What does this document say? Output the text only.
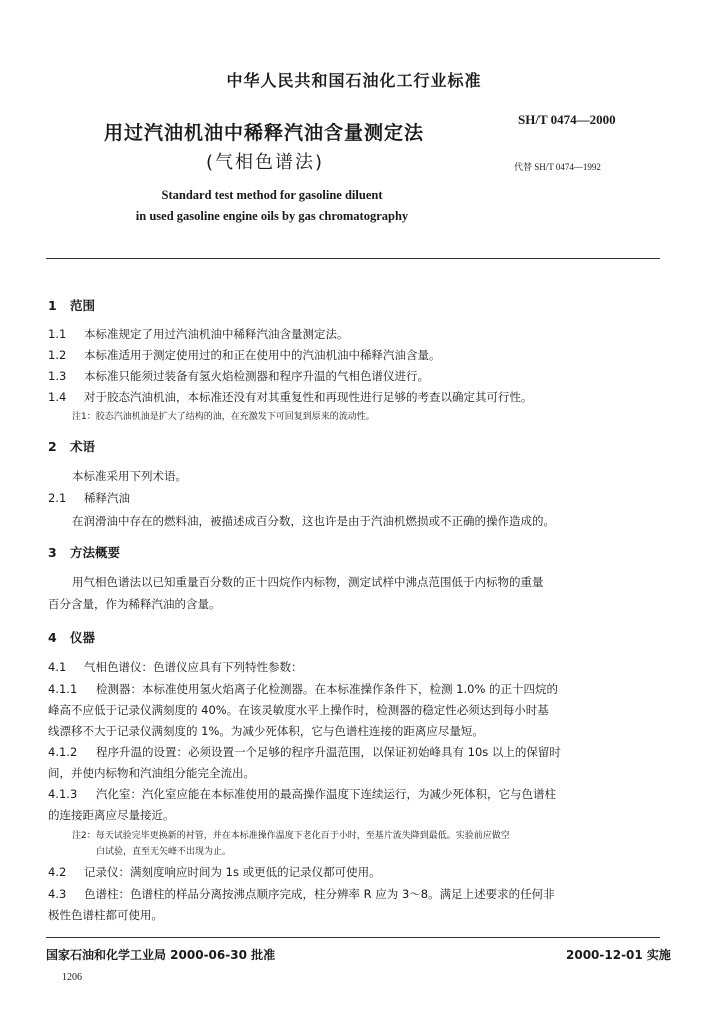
中华人民共和国石油化工行业标准
用过汽油机油中稀释汽油含量测定法
(气相色谱法)
SH/T 0474—2000
代替 SH/T 0474—1992
Standard test method for gasoline diluent
in used gasoline engine oils by gas chromatography
1 范围
1.1 本标准规定了用过汽油机油中稀释汽油含量测定法。
1.2 本标准适用于测定使用过的和正在使用中的汽油机油中稀释汽油含量。
1.3 本标准只能须过装备有氢火焰检测器和程序升温的气相色谱仪进行。
1.4 对于胶态汽油机油，本标准还没有对其重复性和再现性进行足够的考查以确定其可行性。
注1：胶态汽油机油是扩大了结构的油，在充激发下可回复到原来的流动性。
2 术语
本标准采用下列术语。
2.1 稀释汽油
在润滑油中存在的燃料油，被描述成百分数，这也许是由于汽油机燃损或不正确的操作造成的。
3 方法概要
用气相色谱法以已知重量百分数的正十四烷作内标物，测定试样中沸点范围低于内标物的重量
百分含量，作为稀释汽油的含量。
4 仪器
4.1 气相色谱仪：色谱仪应具有下列特性参数：
4.1.1 检测器：本标准使用氢火焰离子化检测器。在本标准操作条件下，检测 1.0% 的正十四烷的
峰高不应低于记录仪满刻度的 40%。在该灵敏度水平上操作时，检测器的稳定性必须达到每小时基
线漂移不大于记录仪满刻度的 1%。为减少死体积，它与色谱柱连接的距离应尽量短。
4.1.2 程序升温的设置：必须设置一个足够的程序升温范围，以保证初始峰具有 10s 以上的保留时
间，并使内标物和汽油组分能完全流出。
4.1.3 汽化室：汽化室应能在本标准使用的最高操作温度下连续运行，为减少死体积，它与色谱柱
的连接距离应尽量接近。
注2：每天试验完毕更换新的衬管，并在本标准操作温度下老化百于小时，至基片流失降到最低。实验前应做空
白试验，直至无矢峰不出现为止。
4.2 记录仪：满刻度响应时间为 1s 或更低的记录仪都可使用。
4.3 色谱柱：色谱柱的样品分离按沸点顺序完成，柱分辨率 R 应为 3～8。满足上述要求的任何非
极性色谱柱都可使用。
国家石油和化学工业局 2000-06-30 批准	2000-12-01 实施
1206
